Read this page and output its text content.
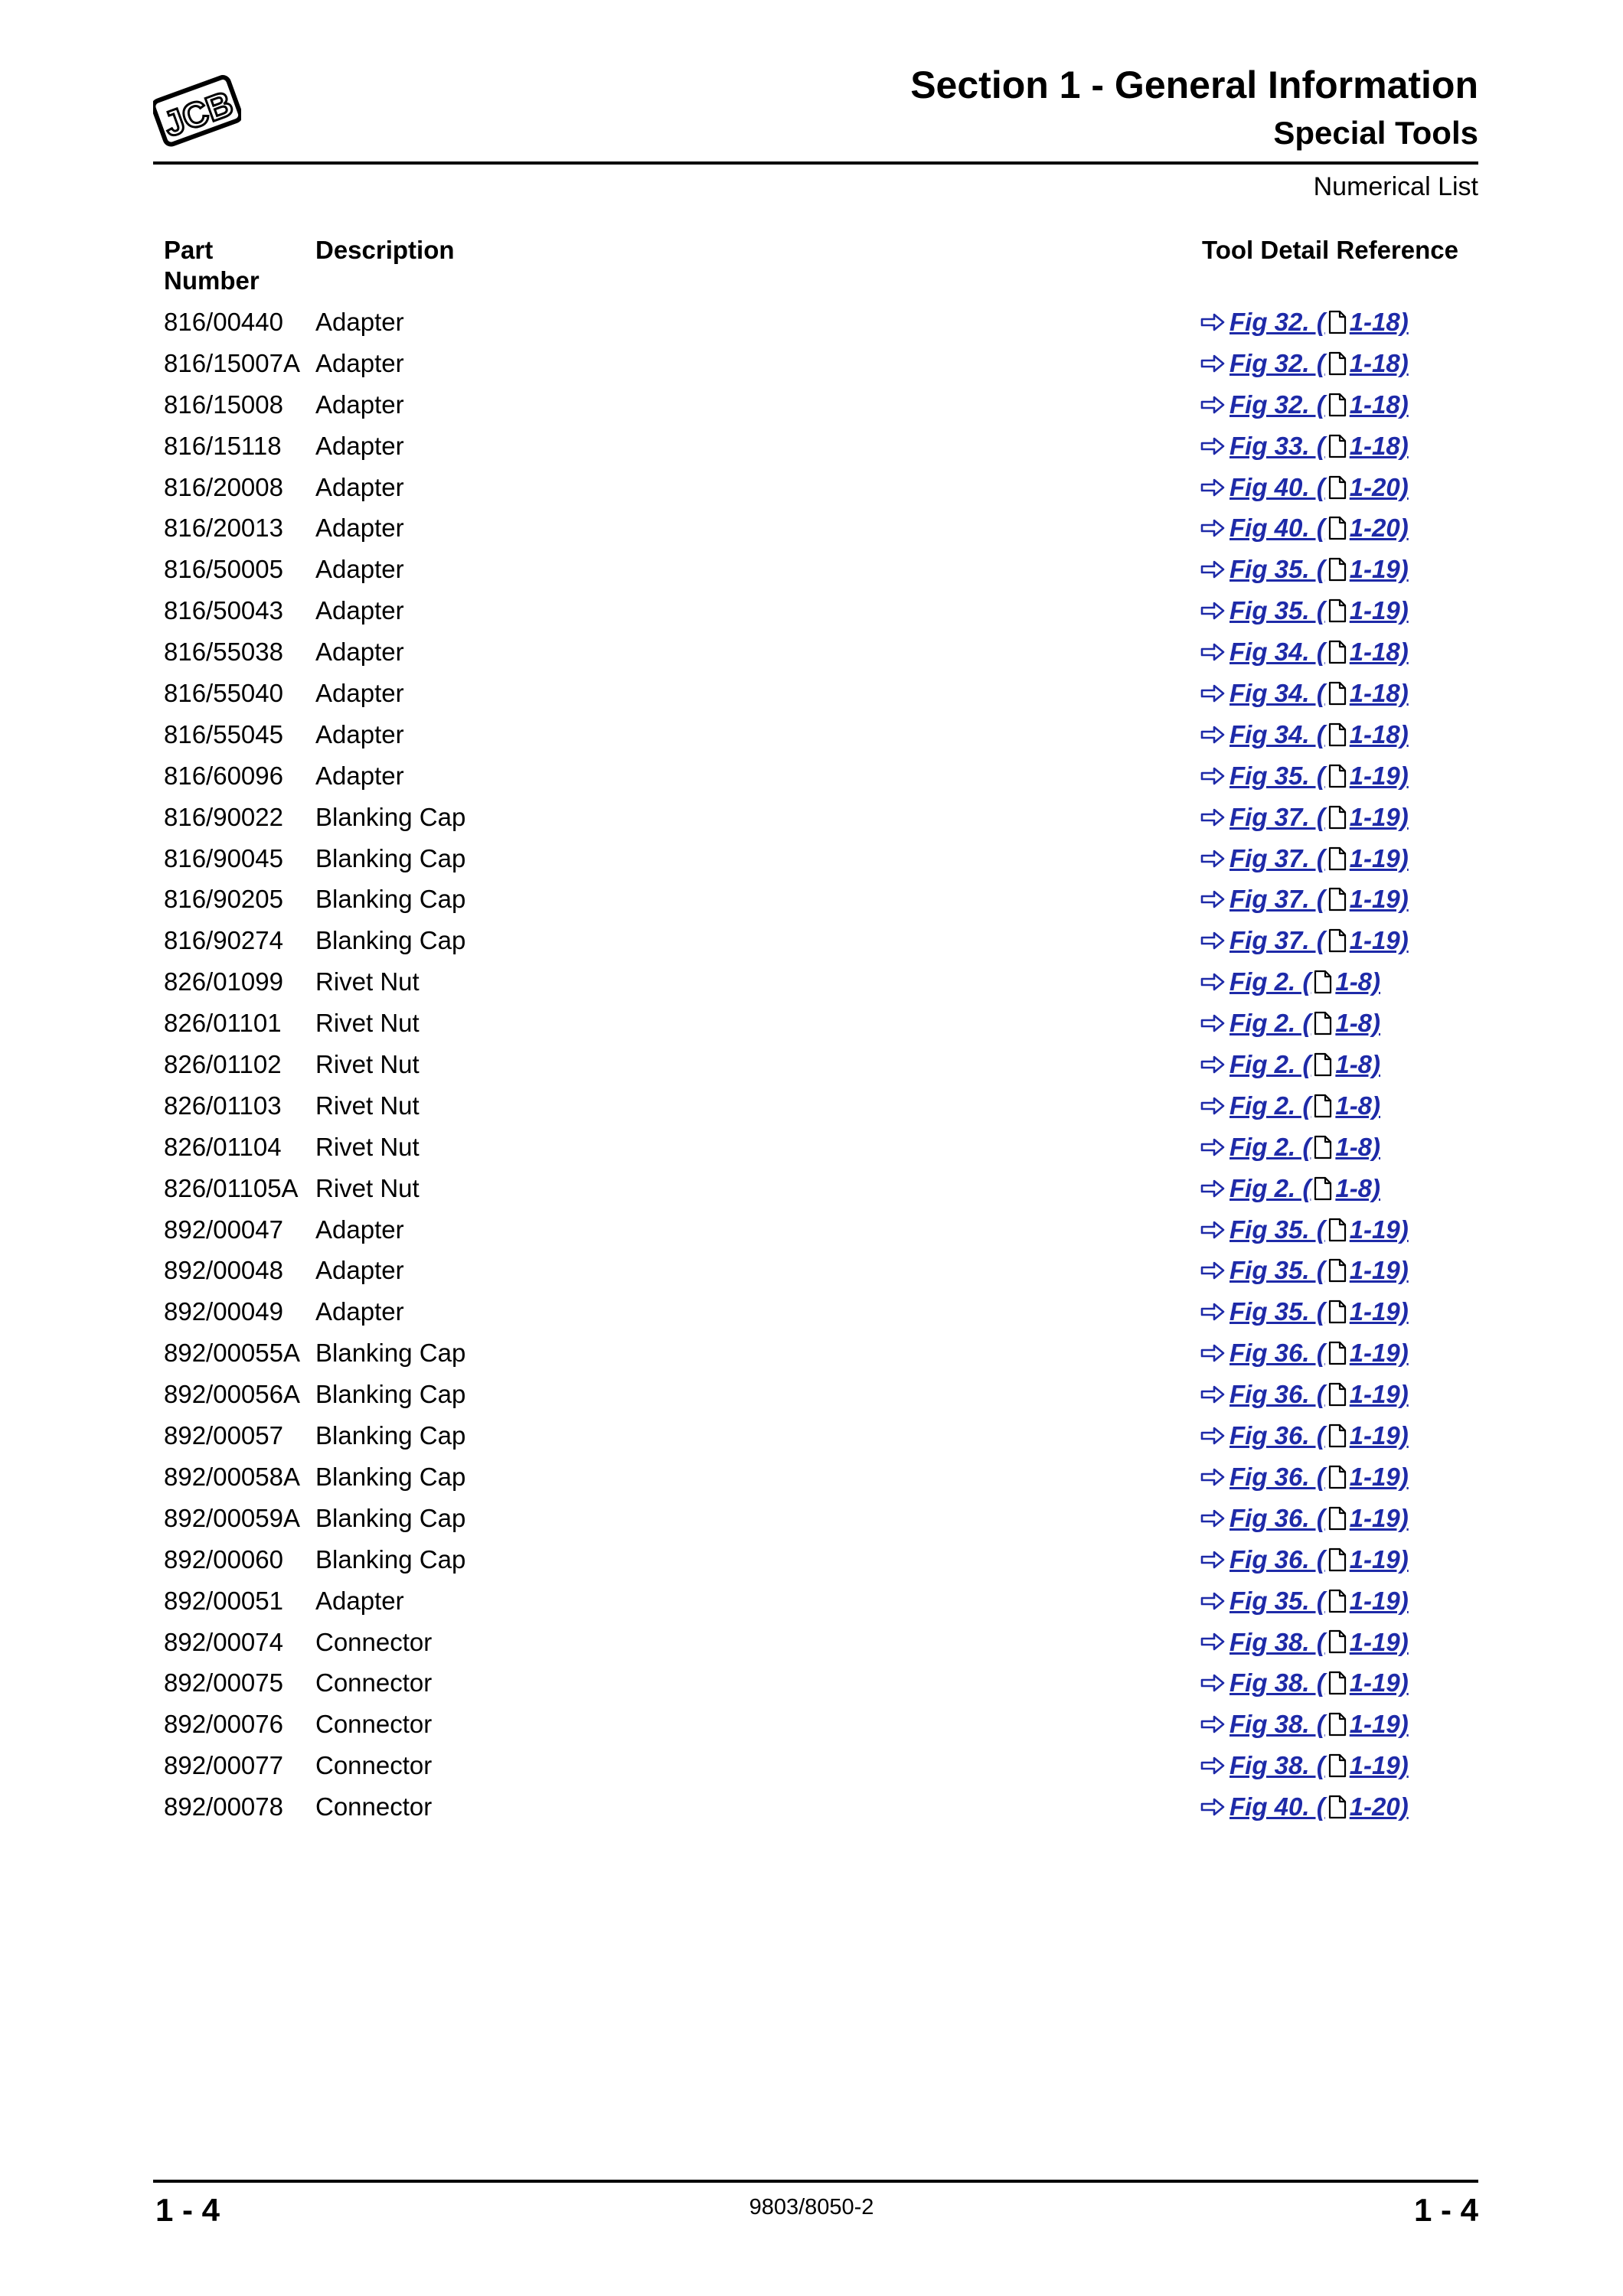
JCB	Section 1 - General Information
Special Tools
Numerical List
Part Number
Description	Tool Detail Reference
816/00440 Adapter	Fig 32. ( 1-18)
816/15007A Adapter	Fig 32. ( 1-18)
816/15008 Adapter	Fig 32. ( 1-18)
816/15118 Adapter	Fig 33. ( 1-18)
816/20008 Adapter	Fig 40. ( 1-20)
816/20013 Adapter	Fig 40. ( 1-20)
816/50005 Adapter	Fig 35. ( 1-19)
816/50043 Adapter	Fig 35. ( 1-19)
816/55038 Adapter	Fig 34. ( 1-18)
816/55040 Adapter	Fig 34. ( 1-18)
816/55045 Adapter	Fig 34. ( 1-18)
816/60096 Adapter	Fig 35. ( 1-19)
816/90022 Blanking Cap	Fig 37. ( 1-19)
816/90045 Blanking Cap	Fig 37. ( 1-19)
816/90205 Blanking Cap	Fig 37. ( 1-19)
816/90274 Blanking Cap	Fig 37. ( 1-19)
826/01099 Rivet Nut	Fig 2. ( 1-8)
826/01101 Rivet Nut	Fig 2. ( 1-8)
826/01102 Rivet Nut	Fig 2. ( 1-8)
826/01103 Rivet Nut	Fig 2. ( 1-8)
826/01104 Rivet Nut	Fig 2. ( 1-8)
826/01105A Rivet Nut	Fig 2. ( 1-8)
892/00047 Adapter	Fig 35. ( 1-19)
892/00048 Adapter	Fig 35. ( 1-19)
892/00049 Adapter	Fig 35. ( 1-19)
892/00055A Blanking Cap	Fig 36. ( 1-19)
892/00056A Blanking Cap	Fig 36. ( 1-19)
892/00057 Blanking Cap	Fig 36. ( 1-19)
892/00058A Blanking Cap	Fig 36. ( 1-19)
892/00059A Blanking Cap	Fig 36. ( 1-19)
892/00060 Blanking Cap	Fig 36. ( 1-19)
892/00051 Adapter	Fig 35. ( 1-19)
892/00074 Connector	Fig 38. ( 1-19)
892/00075 Connector	Fig 38. ( 1-19)
892/00076 Connector	Fig 38. ( 1-19)
892/00077 Connector	Fig 38. ( 1-19)
892/00078 Connector	Fig 40. ( 1-20)
1 - 4	9803/8050-2	1 - 4
